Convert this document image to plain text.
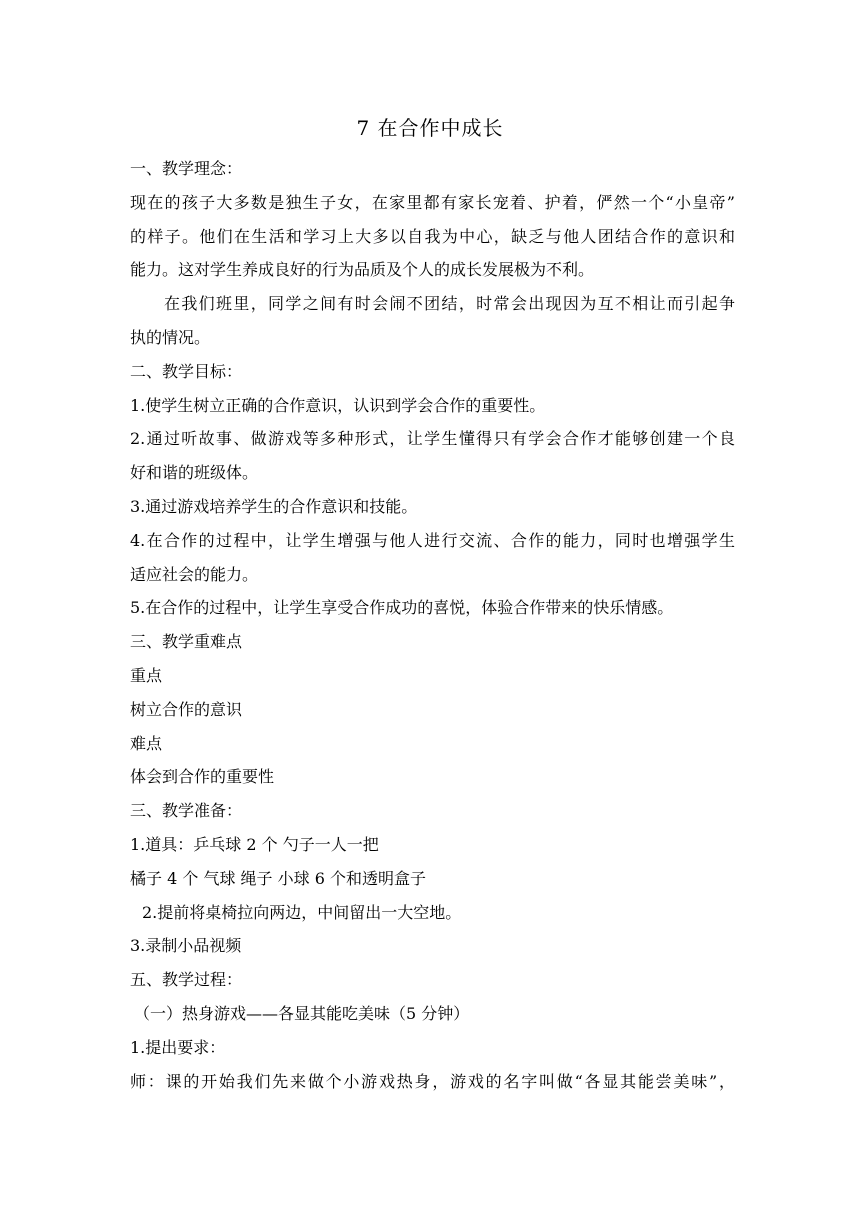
7 在合作中成长
一、教学理念：
现在的孩子大多数是独生子女，在家里都有家长宠着、护着，俨然一个“小皇帝”
的样子。他们在生活和学习上大多以自我为中心，缺乏与他人团结合作的意识和
能力。这对学生养成良好的行为品质及个人的成长发展极为不利。
在我们班里，同学之间有时会闹不团结，时常会出现因为互不相让而引起争
执的情况。
二、教学目标：
1.使学生树立正确的合作意识，认识到学会合作的重要性。
2.通过听故事、做游戏等多种形式，让学生懂得只有学会合作才能够创建一个良
好和谐的班级体。
3.通过游戏培养学生的合作意识和技能。
4.在合作的过程中，让学生增强与他人进行交流、合作的能力，同时也增强学生
适应社会的能力。
5.在合作的过程中，让学生享受合作成功的喜悦，体验合作带来的快乐情感。
三、教学重难点
重点
树立合作的意识
难点
体会到合作的重要性
三、教学准备：
1.道具：乒乓球 2 个 勺子一人一把
橘子 4 个 气球 绳子 小球 6 个和透明盒子
2.提前将桌椅拉向两边，中间留出一大空地。
3.录制小品视频
五、教学过程：
（一）热身游戏——各显其能吃美味（5 分钟）
1.提出要求：
师：课的开始我们先来做个小游戏热身，游戏的名字叫做“各显其能尝美味”，
